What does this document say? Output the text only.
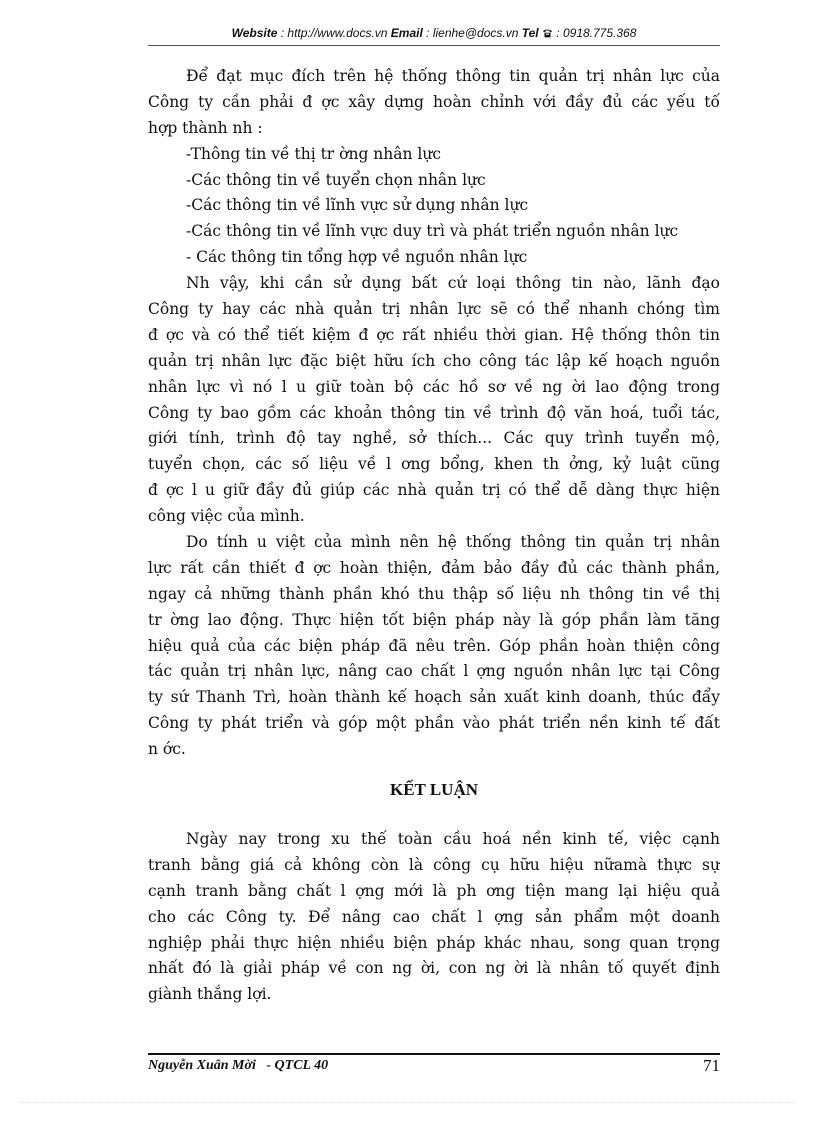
Website : http://www.docs.vn Email : lienhe@docs.vn Tel  : 0918.775.368
Để đạt mục đích trên hệ thống thông tin quản trị nhân lực của
Công ty cần phải đ ợc xây dựng hoàn chỉnh với đầy đủ các yếu tố
hợp thành nh :
-Thông tin về thị tr ờng nhân lực
-Các thông tin về tuyển chọn nhân lực
-Các thông tin về lĩnh vực sử dụng nhân lực
-Các thông tin về lĩnh vực duy trì và phát triển nguồn nhân lực
- Các thông tin tổng hợp về nguồn nhân lực
Nh vậy, khi cần sử dụng bất cứ loại thông tin nào, lãnh đạo
Công ty hay các nhà quản trị nhân lực sẽ có thể nhanh chóng tìm
đ ợc và có thể tiết kiệm đ ợc rất nhiều thời gian. Hệ thống thôn tin
quản trị nhân lực đặc biệt hữu ích cho công tác lập kế hoạch nguồn
nhân lực vì nó l u giữ toàn bộ các hồ sơ về ng ời lao động trong
Công ty bao gồm các khoản thông tin về trình độ văn hoá, tuổi tác,
giới tính, trình độ tay nghề, sở thích... Các quy trình tuyển mộ,
tuyển chọn, các số liệu về l ơng bổng, khen th ởng, kỷ luật cũng
đ ợc l u giữ đầy đủ giúp các nhà quản trị có thể dễ dàng thực hiện
công việc của mình.
Do tính u việt của mình nên hệ thống thông tin quản trị nhân
lực rất cần thiết đ ợc hoàn thiện, đảm bảo đầy đủ các thành phần,
ngay cả những thành phần khó thu thập số liệu nh thông tin về thị
tr ờng lao động. Thực hiện tốt biện pháp này là góp phần làm tăng
hiệu quả của các biện pháp đã nêu trên. Góp phần hoàn thiện công
tác quản trị nhân lực, nâng cao chất l ợng nguồn nhân lực tại Công
ty sứ Thanh Trì, hoàn thành kế hoạch sản xuất kinh doanh, thúc đẩy
Công ty phát triển và góp một phần vào phát triển nền kinh tế đất
n ớc.
KẾT LUẬN
Ngày nay trong xu thế toàn cầu hoá nền kinh tế, việc cạnh
tranh bằng giá cả không còn là công cụ hữu hiệu nữamà thực sự
cạnh tranh bằng chất l ợng mới là ph ơng tiện mang lại hiệu quả
cho các Công ty. Để nâng cao chất l ợng sản phẩm một doanh
nghiệp phải thực hiện nhiều biện pháp khác nhau, song quan trọng
nhất đó là giải pháp về con ng ời, con ng ời là nhân tố quyết định
giành thắng lợi.
Nguyễn Xuân Mời   - QTCL 40	71
